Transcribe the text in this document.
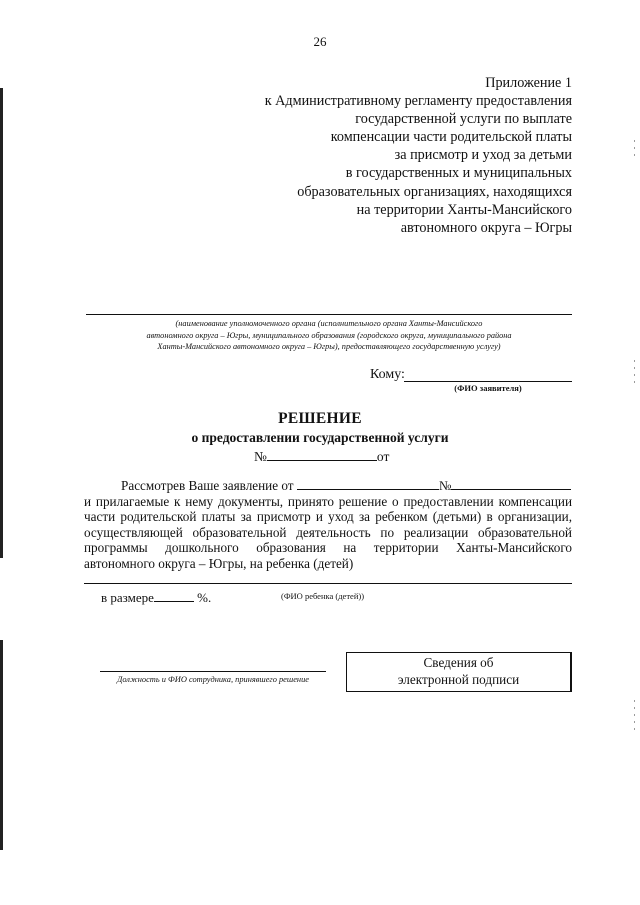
26
Приложение 1
к Административному регламенту предоставления
государственной услуги по выплате
компенсации части родительской платы
за присмотр и уход за детьми
в государственных и муниципальных
образовательных организациях, находящихся
на территории Ханты-Мансийского
автономного округа – Югры
(наименование уполномоченного органа (исполнительного органа Ханты-Мансийского
автономного округа – Югры, муниципального образования (городского округа, муниципального района
Ханты-Мансийского автономного округа – Югры), предоставляющего государственную услугу)
Кому:
(ФИО заявителя)
РЕШЕНИЕ
о предоставлении государственной услуги
№	от
Рассмотрев Ваше заявление от	№
и прилагаемые к нему документы, принято решение о предоставлении компенсации части родительской платы за присмотр и уход за ребенком (детьми) в организации, осуществляющей образовательной деятельность по реализации образовательной программы дошкольного образования на территории Ханты-Мансийского автономного округа – Югры, на ребенка (детей)
в размере	%.	(ФИО ребенка (детей))
Должность и ФИО сотрудника, принявшего решение
Сведения об
электронной подписи
